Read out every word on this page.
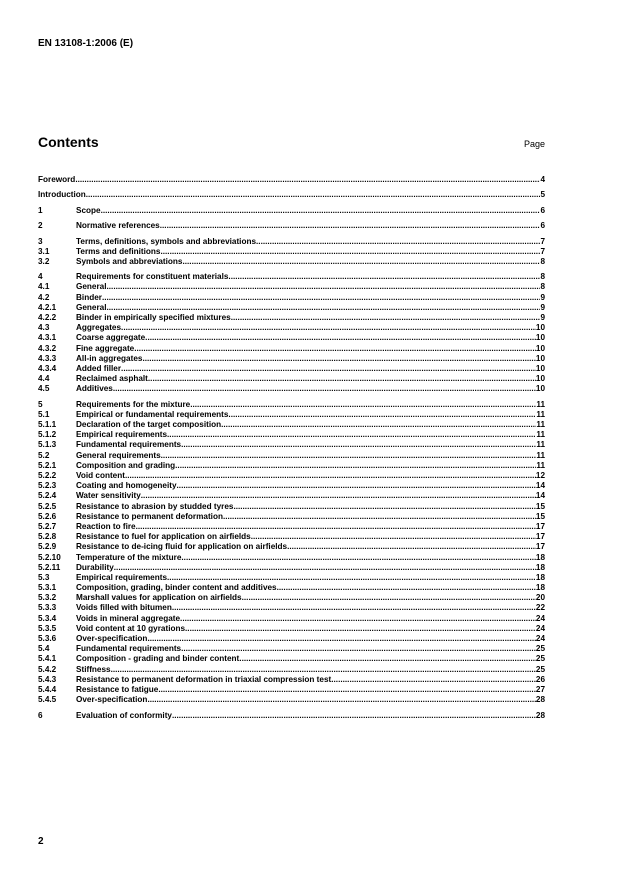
EN 13108-1:2006 (E)
Contents	Page
Foreword .....	4
Introduction .....	5
1	Scope .....	6
2	Normative references .....	6
3	Terms, definitions, symbols and abbreviations .....	7
3.1	Terms and definitions .....	7
3.2	Symbols and abbreviations .....	8
4	Requirements for constituent materials .....	8
4.1	General .....	8
4.2	Binder .....	9
4.2.1	General .....	9
4.2.2	Binder in empirically specified mixtures .....	9
4.3	Aggregates .....	10
4.3.1	Coarse aggregate .....	10
4.3.2	Fine aggregate .....	10
4.3.3	All-in aggregates .....	10
4.3.4	Added filler .....	10
4.4	Reclaimed asphalt .....	10
4.5	Additives .....	10
5	Requirements for the mixture .....	11
5.1	Empirical or fundamental requirements .....	11
5.1.1	Declaration of the target composition .....	11
5.1.2	Empirical requirements .....	11
5.1.3	Fundamental requirements .....	11
5.2	General requirements .....	11
5.2.1	Composition and grading .....	11
5.2.2	Void content .....	12
5.2.3	Coating and homogeneity .....	14
5.2.4	Water sensitivity .....	14
5.2.5	Resistance to abrasion by studded tyres .....	15
5.2.6	Resistance to permanent deformation .....	15
5.2.7	Reaction to fire .....	17
5.2.8	Resistance to fuel for application on airfields .....	17
5.2.9	Resistance to de-icing fluid for application on airfields .....	17
5.2.10	Temperature of the mixture .....	18
5.2.11	Durability .....	18
5.3	Empirical requirements .....	18
5.3.1	Composition, grading, binder content and additives .....	18
5.3.2	Marshall values for application on airfields .....	20
5.3.3	Voids filled with bitumen .....	22
5.3.4	Voids in mineral aggregate .....	24
5.3.5	Void content at 10 gyrations .....	24
5.3.6	Over-specification .....	24
5.4	Fundamental requirements .....	25
5.4.1	Composition - grading and binder content .....	25
5.4.2	Stiffness .....	25
5.4.3	Resistance to permanent deformation in triaxial compression test .....	26
5.4.4	Resistance to fatigue .....	27
5.4.5	Over-specification .....	28
6	Evaluation of conformity .....	28
2
